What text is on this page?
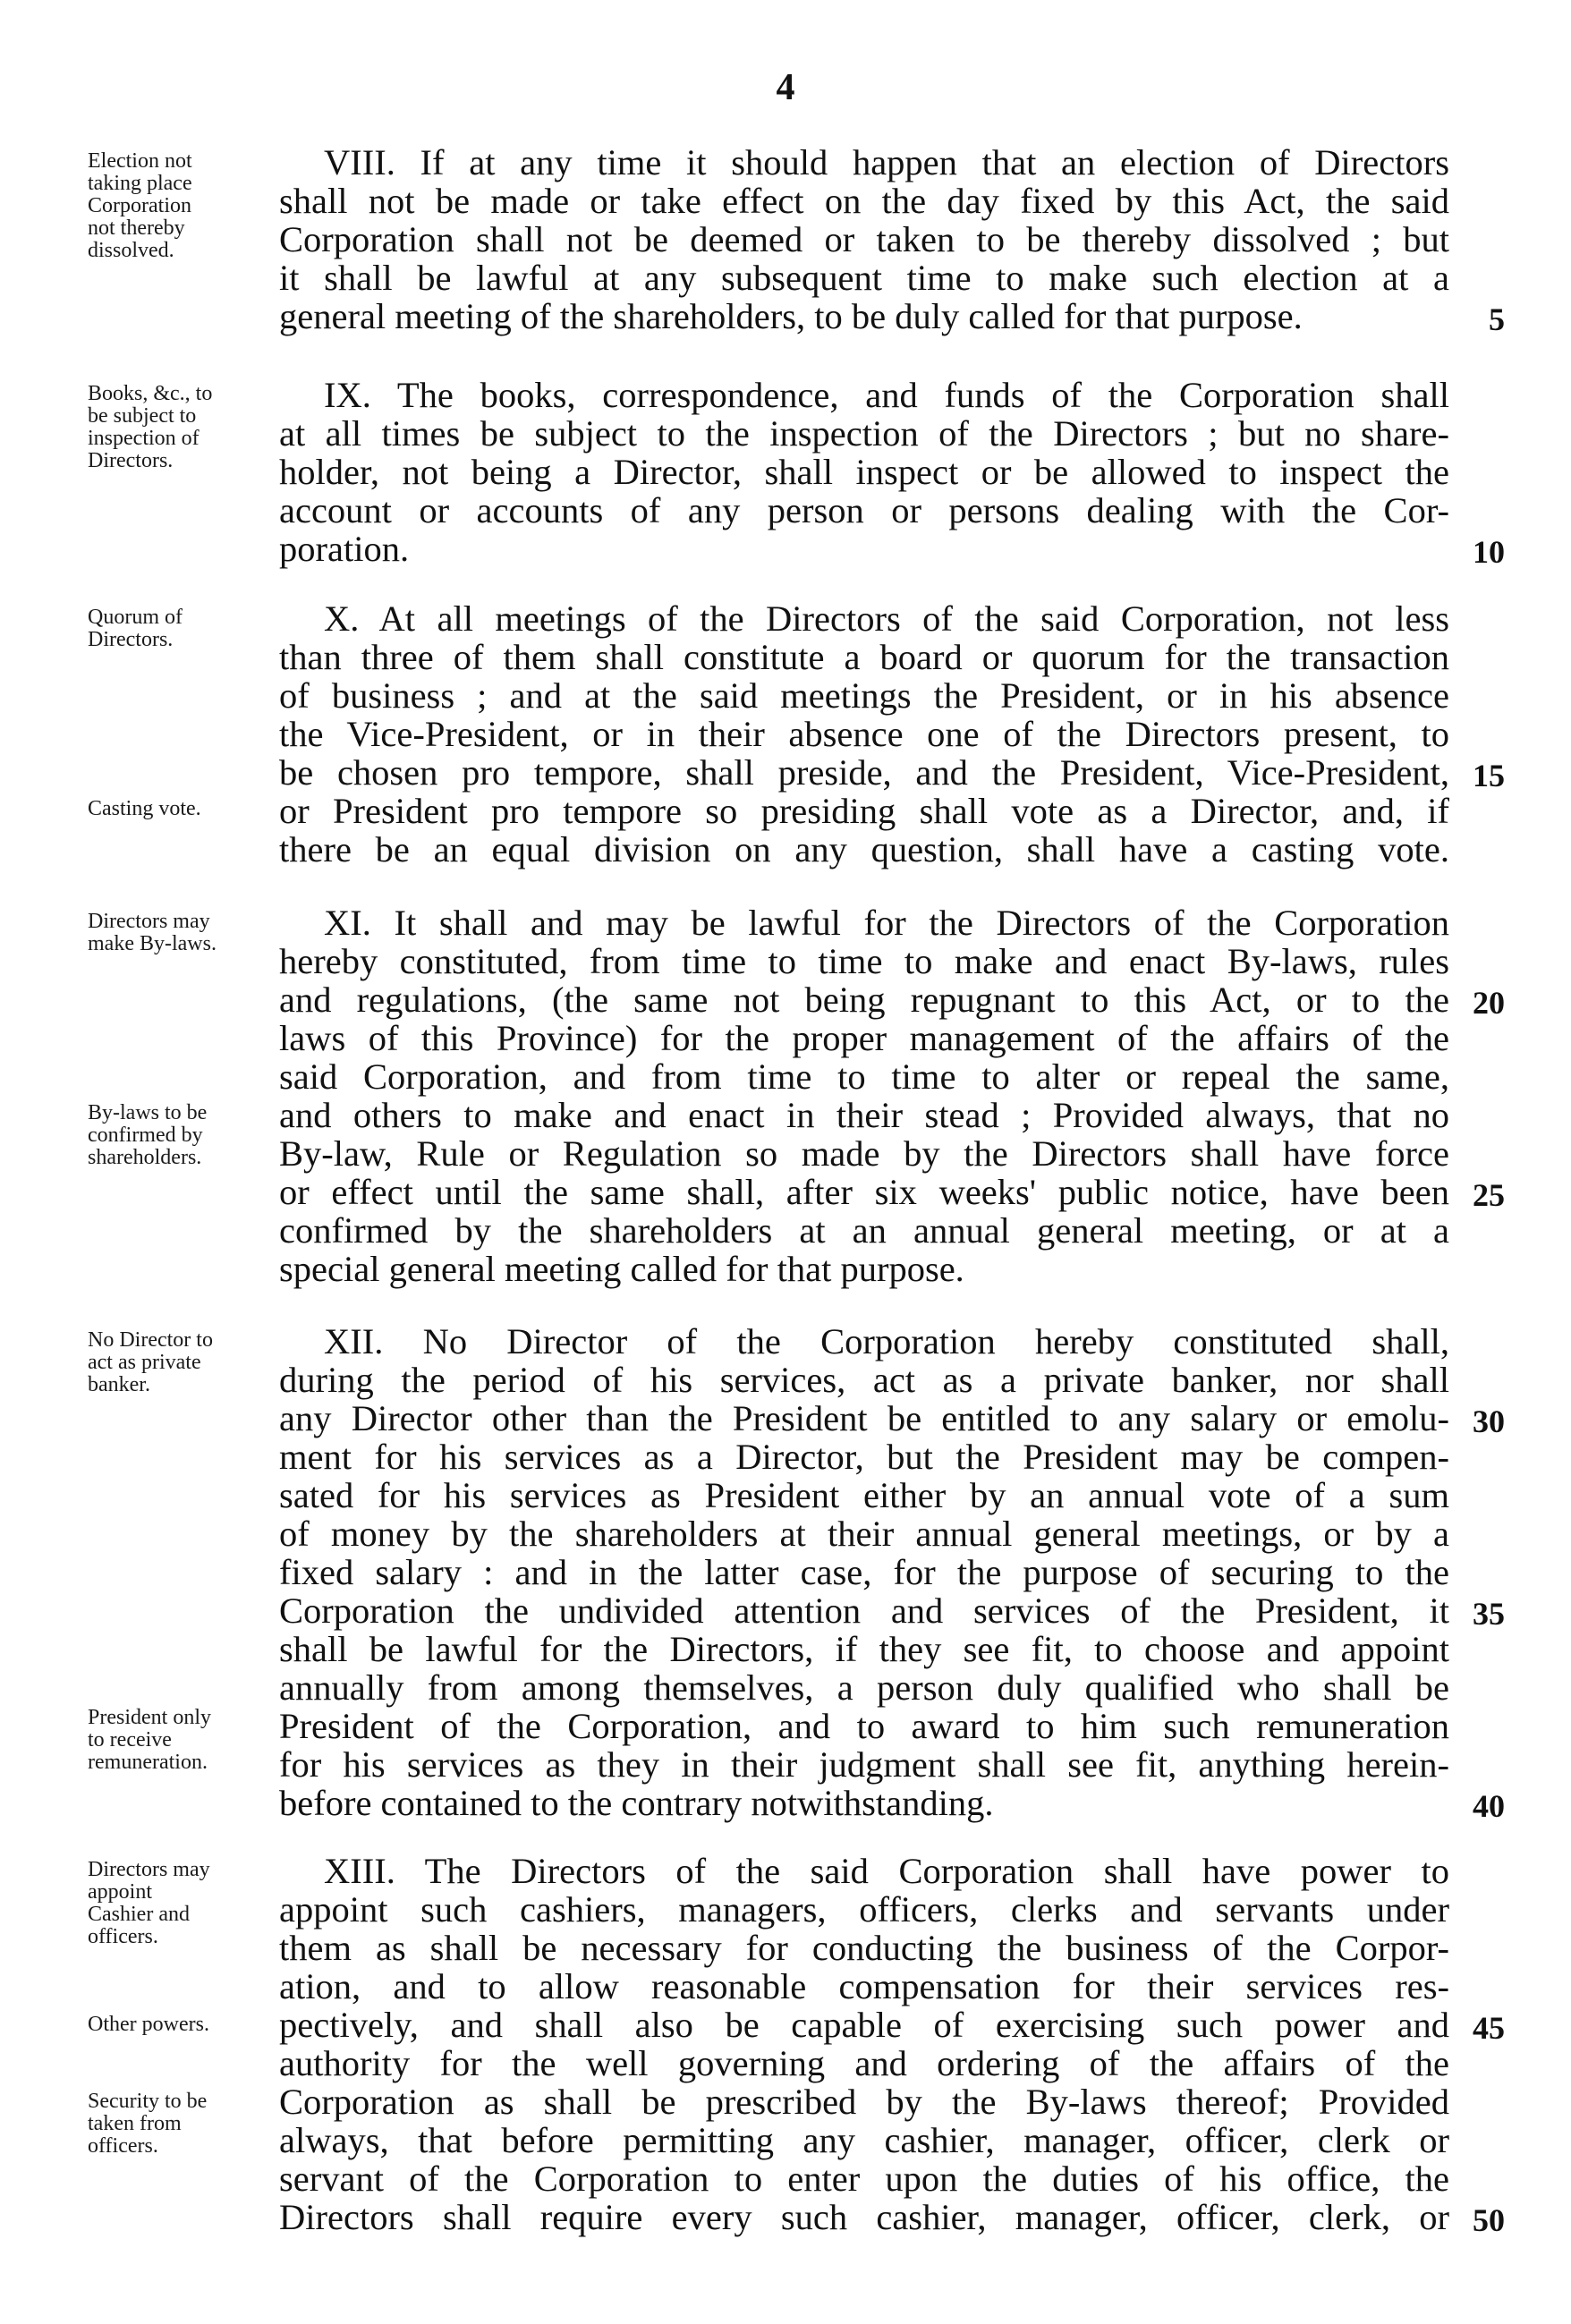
4
Election not
taking place
Corporation
not thereby
dissolved.
VIII. If at any time it should happen that an election of Directors
shall not be made or take effect on the day fixed by this Act, the said
Corporation shall not be deemed or taken to be thereby dissolved ; but
it shall be lawful at any subsequent time to make such election at a
general meeting of the shareholders, to be duly called for that purpose.	5
Books, &c., to
be subject to
inspection of
Directors.
IX. The books, correspondence, and funds of the Corporation shall
at all times be subject to the inspection of the Directors ; but no share-
holder, not being a Director, shall inspect or be allowed to inspect the
account or accounts of any person or persons dealing with the Cor-
poration.	10
Quorum of
Directors.
Casting vote.
X. At all meetings of the Directors of the said Corporation, not less
than three of them shall constitute a board or quorum for the transaction
of business ; and at the said meetings the President, or in his absence
the Vice-President, or in their absence one of the Directors present, to
be chosen pro tempore, shall preside, and the President, Vice-President,
or President pro tempore so presiding shall vote as a Director, and, if
there be an equal division on any question, shall have a casting vote.
15
Directors may
make By-laws.
By-laws to be
confirmed by
shareholders.
XI. It shall and may be lawful for the Directors of the Corporation
hereby constituted, from time to time to make and enact By-laws, rules
and regulations, (the same not being repugnant to this Act, or to the
laws of this Province) for the proper management of the affairs of the
said Corporation, and from time to time to alter or repeal the same,
and others to make and enact in their stead ; Provided always, that no
By-law, Rule or Regulation so made by the Directors shall have force
or effect until the same shall, after six weeks' public notice, have been
confirmed by the shareholders at an annual general meeting, or at a
special general meeting called for that purpose.
20
25
No Director to
act as private
banker.
President only
to receive
remuneration.
XII. No Director of the Corporation hereby constituted shall,
during the period of his services, act as a private banker, nor shall
any Director other than the President be entitled to any salary or emolu-
ment for his services as a Director, but the President may be compen-
sated for his services as President either by an annual vote of a sum
of money by the shareholders at their annual general meetings, or by a
fixed salary : and in the latter case, for the purpose of securing to the
Corporation the undivided attention and services of the President, it
shall be lawful for the Directors, if they see fit, to choose and appoint
annually from among themselves, a person duly qualified who shall be
President of the Corporation, and to award to him such remuneration
for his services as they in their judgment shall see fit, anything herein-
before contained to the contrary notwithstanding.
30
35
40
Directors may
appoint
Cashier and
officers.
Other powers.
Security to be
taken from
officers.
XIII. The Directors of the said Corporation shall have power to
appoint such cashiers, managers, officers, clerks and servants under
them as shall be necessary for conducting the business of the Corpor-
ation, and to allow reasonable compensation for their services res-
pectively, and shall also be capable of exercising such power and
authority for the well governing and ordering of the affairs of the
Corporation as shall be prescribed by the By-laws thereof; Provided
always, that before permitting any cashier, manager, officer, clerk or
servant of the Corporation to enter upon the duties of his office, the
Directors shall require every such cashier, manager, officer, clerk, or
45
50
